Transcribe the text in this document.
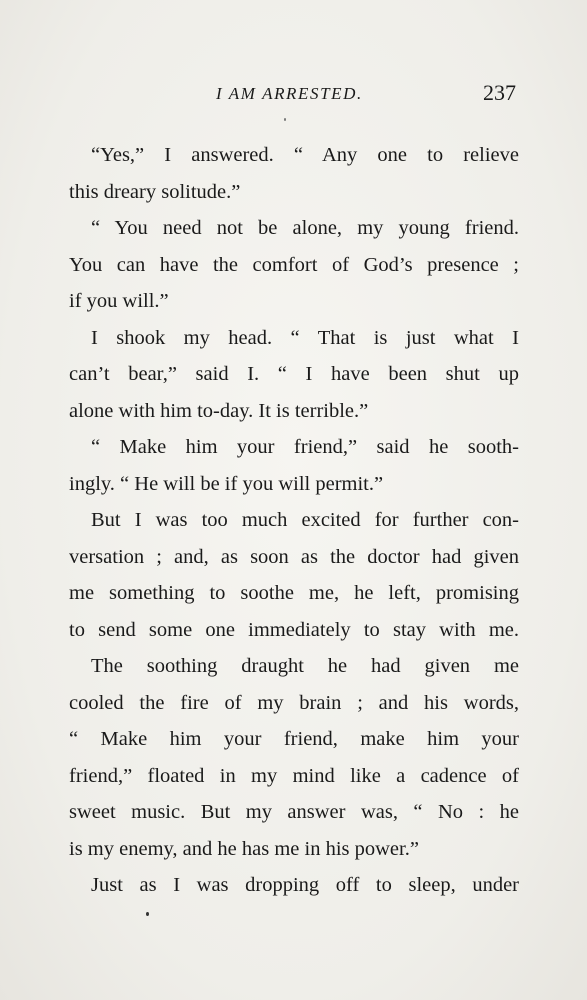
I AM ARRESTED.	237
“Yes,” I answered. “ Any one to relieve
this dreary solitude.”
“ You need not be alone, my young friend.
You can have the comfort of God’s presence ;
if you will.”
I shook my head. “ That is just what I
can’t bear,” said I. “ I have been shut up
alone with him to-day. It is terrible.”
“ Make him your friend,” said he sooth-
ingly. “ He will be if you will permit.”
But I was too much excited for further con-
versation ; and, as soon as the doctor had given
me something to soothe me, he left, promising
to send some one immediately to stay with me.
The soothing draught he had given me
cooled the fire of my brain ; and his words,
“ Make him your friend, make him your
friend,” floated in my mind like a cadence of
sweet music. But my answer was, “ No : he
is my enemy, and he has me in his power.”
Just as I was dropping off to sleep, under
